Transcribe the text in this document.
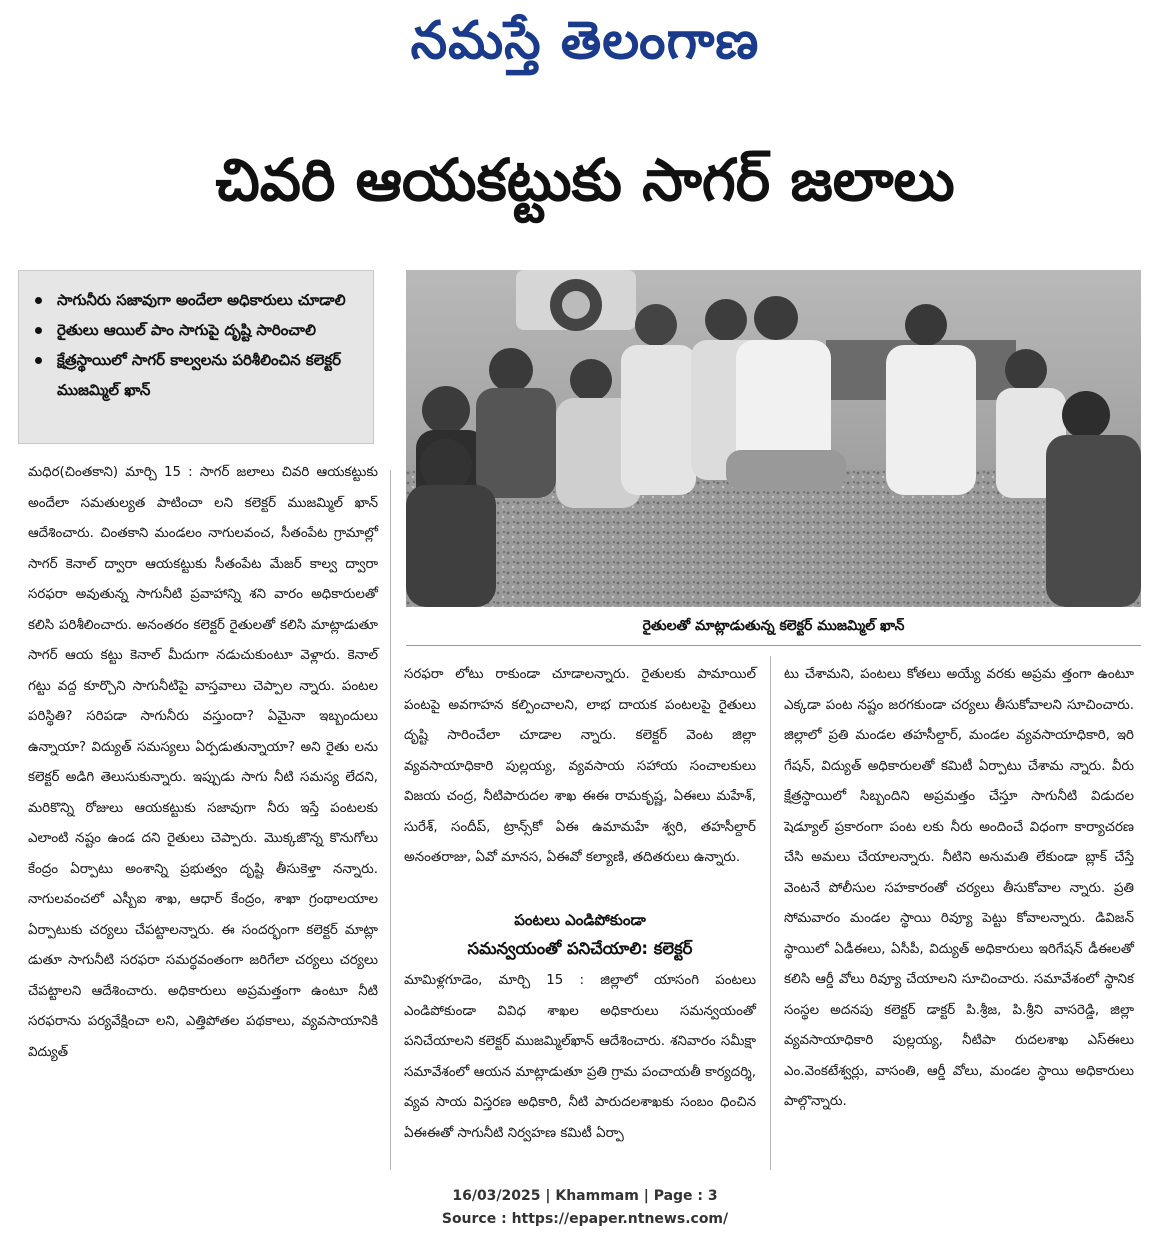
నమస్తే తెలంగాణ
చివరి ఆయకట్టుకు సాగర్ జలాలు
సాగునీరు సజావుగా అందేలా అధికారులు చూడాలి
రైతులు ఆయిల్ పాం సాగుపై దృష్టి సారించాలి
క్షేత్రస్థాయిలో సాగర్ కాల్వలను పరిశీలించిన కలెక్టర్ ముజమ్మిల్ ఖాన్
రైతులతో మాట్లాడుతున్న కలెక్టర్ ముజమ్మిల్ ఖాన్

మధిర(చింతకాని) మార్చి 15 : సాగర్ జలాలు చివరి ఆయకట్టుకు అందేలా సమతుల్యత పాటించా లని కలెక్టర్ ముజమ్మిల్ ఖాన్ ఆదేశించారు. చింతకాని మండలం నాగులవంచ, సీతంపేట గ్రామాల్లో సాగర్ కెనాల్ ద్వారా ఆయకట్టుకు సీతంపేట మేజర్ కాల్వ ద్వారా సరఫరా అవుతున్న సాగునీటి ప్రవాహాన్ని శని వారం అధికారులతో కలిసి పరిశీలించారు. అనంతరం కలెక్టర్ రైతులతో కలిసి మాట్లాడుతూ సాగర్ ఆయ కట్టు కెనాల్ మీదుగా నడుచుకుంటూ వెళ్లారు. కెనాల్ గట్టు వద్ద కూర్చొని సాగునీటిపై వాస్తవాలు చెప్పాల న్నారు. పంటల పరిస్థితి? సరిపడా సాగునీరు వస్తుందా? ఏమైనా ఇబ్బందులు ఉన్నాయా? విద్యుత్ సమస్యలు ఏర్పడుతున్నాయా? అని రైతు లను కలెక్టర్ అడిగి తెలుసుకున్నారు. ఇప్పుడు సాగు నీటి సమస్య లేదని, మరికొన్ని రోజులు ఆయకట్టుకు సజావుగా నీరు ఇస్తే పంటలకు ఎలాంటి నష్టం ఉండ దని రైతులు చెప్పారు. మొక్కజొన్న కొనుగోలు కేంద్రం ఏర్పాటు అంశాన్ని ప్రభుత్వం దృష్టి తీసుకెళ్తా నన్నారు. నాగులవంచలో ఎస్బీఐ శాఖ, ఆధార్ కేంద్రం, శాఖా గ్రంథాలయాల ఏర్పాటుకు చర్యలు చేపట్టాలన్నారు. ఈ సందర్భంగా కలెక్టర్ మాట్లా డుతూ సాగునీటి సరఫరా సమర్థవంతంగా జరిగేలా చర్యలు చర్యలు చేపట్టాలని ఆదేశించారు. అధికారులు అప్రమత్తంగా ఉంటూ నీటి సరఫరాను పర్యవేక్షించా లని, ఎత్తిపోతల పథకాలు, వ్యవసాయానికి విద్యుత్

సరఫరా లోటు రాకుండా చూడాలన్నారు. రైతులకు పామాయిల్ పంటపై అవగాహన కల్పించాలని, లాభ దాయక పంటలపై రైతులు దృష్టి సారించేలా చూడాల న్నారు. కలెక్టర్ వెంట జిల్లా వ్యవసాయాధికారి పుల్లయ్య, వ్యవసాయ సహాయ సంచాలకులు విజయ చంద్ర, నీటిపారుదల శాఖ ఈఈ రామకృష్ణ, ఏఈలు మహేశ్, సురేశ్, సందీప్, ట్రాన్స్‌కో ఏఈ ఉమామహే శ్వరి, తహసీల్దార్ అనంతరాజు, ఏవో మానస, ఏఈవో కల్యాణి, తదితరులు ఉన్నారు.

పంటలు ఎండిపోకుండా
సమన్వయంతో పనిచేయాలి: కలెక్టర్

మామిళ్లగూడెం, మార్చి 15 : జిల్లాలో యాసంగి పంటలు ఎండిపోకుండా వివిధ శాఖల అధికారులు సమన్వయంతో పనిచేయాలని కలెక్టర్ ముజమ్మిల్‌ఖాన్ ఆదేశించారు. శనివారం సమీక్షా సమావేశంలో ఆయన మాట్లాడుతూ ప్రతి గ్రామ పంచాయతీ కార్యదర్శి, వ్యవ సాయ విస్తరణ అధికారి, నీటి పారుదలశాఖకు సంబం ధించిన ఏఈఈతో సాగునీటి నిర్వహణ కమిటీ ఏర్పా

టు చేశామని, పంటలు కోతలు అయ్యే వరకు అప్రమ త్తంగా ఉంటూ ఎక్కడా పంట నష్టం జరగకుండా చర్యలు తీసుకోవాలని సూచించారు. జిల్లాలో ప్రతి మండల తహసీల్దార్, మండల వ్యవసాయాధికారి, ఇరి గేషన్, విద్యుత్ అధికారులతో కమిటీ ఏర్పాటు చేశామ న్నారు. వీరు క్షేత్రస్థాయిలో సిబ్బందిని అప్రమత్తం చేస్తూ సాగునీటి విడుదల షెడ్యూల్ ప్రకారంగా పంట లకు నీరు అందించే విధంగా కార్యాచరణ చేసి అమలు చేయాలన్నారు. నీటిని అనుమతి లేకుండా బ్లాక్ చేస్తే వెంటనే పోలీసుల సహకారంతో చర్యలు తీసుకోవాల న్నారు. ప్రతి సోమవారం మండల స్థాయి రివ్యూ పెట్టు కోవాలన్నారు. డివిజన్ స్థాయిలో ఏడీఈలు, ఏసీపీ, విద్యుత్ అధికారులు ఇరిగేషన్ డీఈలతో కలిసి ఆర్డీ వోలు రివ్యూ చేయాలని సూచించారు. సమావేశంలో స్థానిక సంస్థల అదనపు కలెక్టర్ డాక్టర్ పి.శ్రీజ, పి.శ్రీని వాసరెడ్డి, జిల్లా వ్యవసాయాధికారి పుల్లయ్య, నీటిపా రుదలశాఖ ఎస్ఈలు ఎం.వెంకటేశ్వర్లు, వాసంతి, ఆర్డీ వోలు, మండల స్థాయి అధికారులు పాల్గొన్నారు.

16/03/2025 | Khammam | Page : 3
Source : https://epaper.ntnews.com/
